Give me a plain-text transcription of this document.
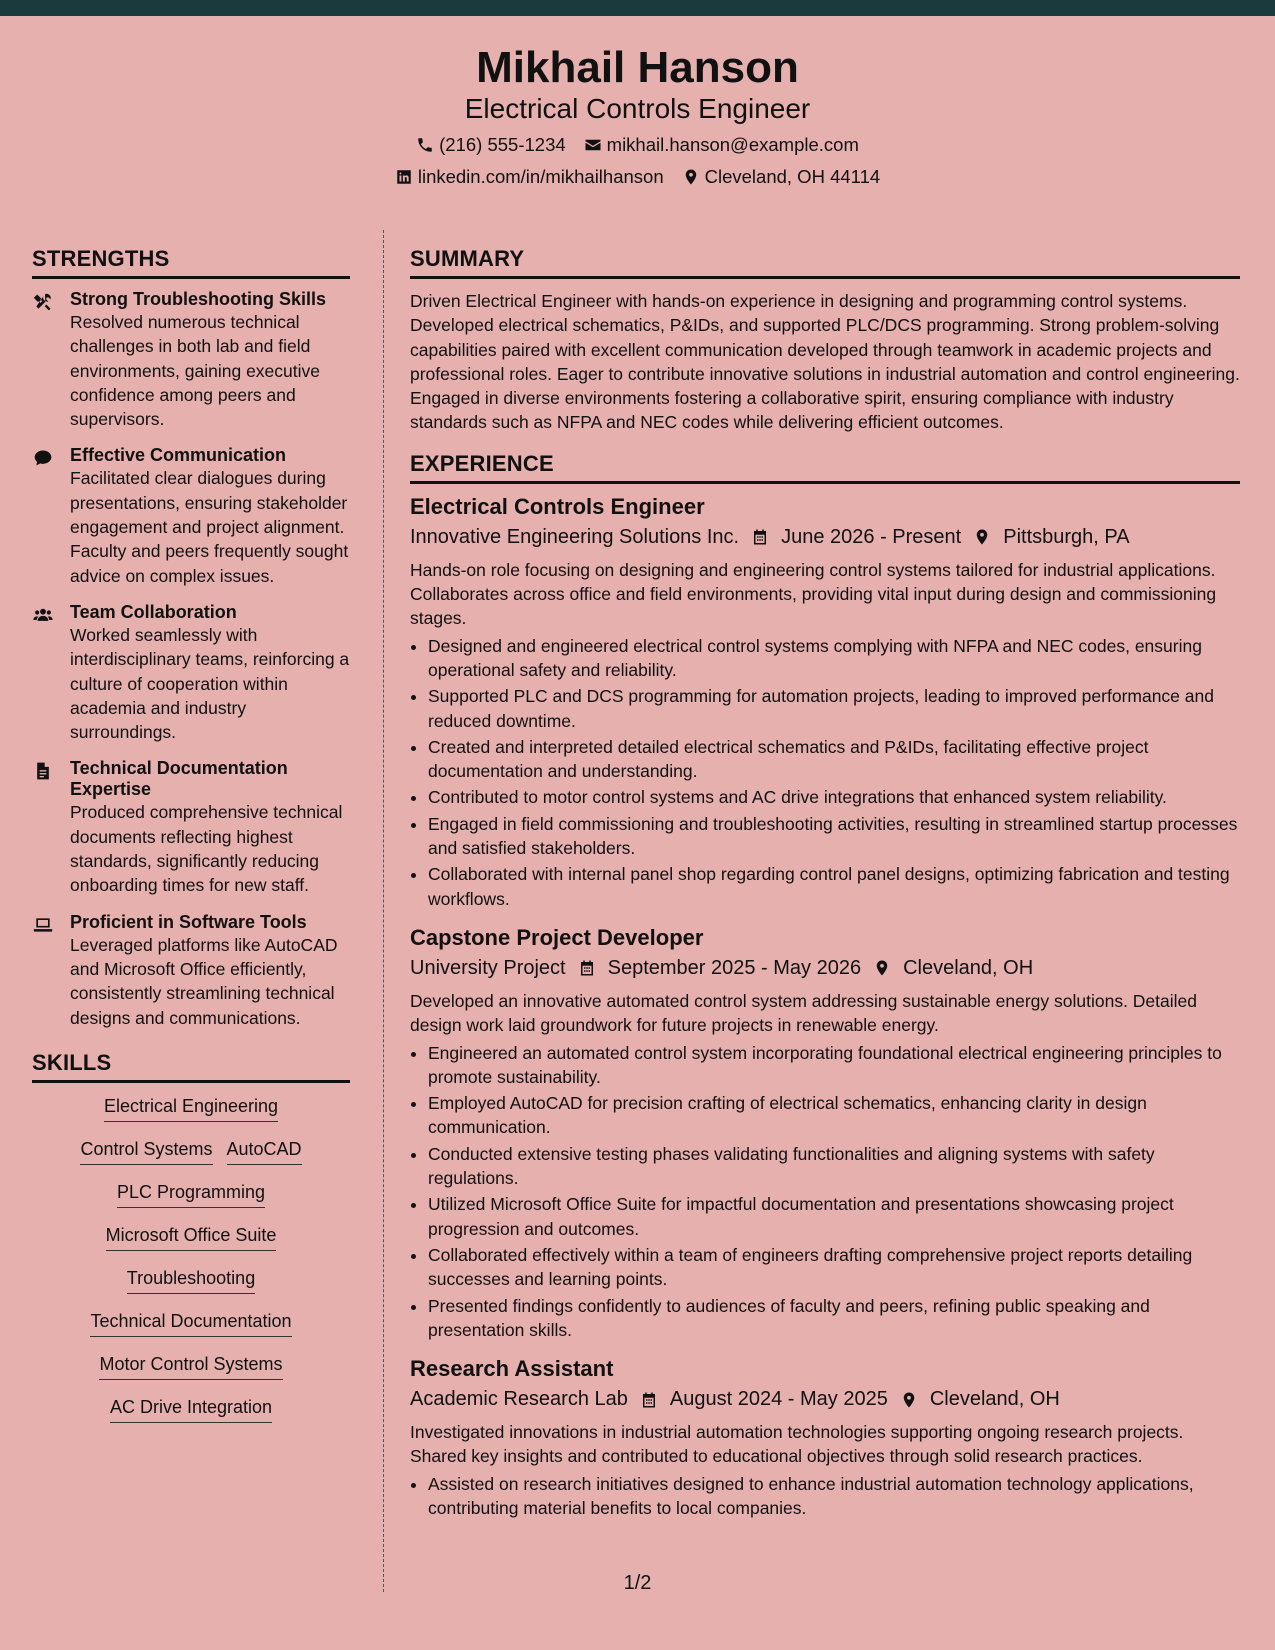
Mikhail Hanson
Electrical Controls Engineer
(216) 555-1234 mikhail.hanson@example.com
linkedin.com/in/mikhailhanson Cleveland, OH 44114
STRENGTHS
Strong Troubleshooting Skills
Resolved numerous technical challenges in both lab and field environments, gaining executive confidence among peers and supervisors.
Effective Communication
Facilitated clear dialogues during presentations, ensuring stakeholder engagement and project alignment. Faculty and peers frequently sought advice on complex issues.
Team Collaboration
Worked seamlessly with interdisciplinary teams, reinforcing a culture of cooperation within academia and industry surroundings.
Technical Documentation Expertise
Produced comprehensive technical documents reflecting highest standards, significantly reducing onboarding times for new staff.
Proficient in Software Tools
Leveraged platforms like AutoCAD and Microsoft Office efficiently, consistently streamlining technical designs and communications.
SKILLS
Electrical Engineering
Control Systems AutoCAD
PLC Programming
Microsoft Office Suite
Troubleshooting
Technical Documentation
Motor Control Systems
AC Drive Integration
SUMMARY

Driven Electrical Engineer with hands-on experience in designing and programming control systems. Developed electrical schematics, P&IDs, and supported PLC/DCS programming. Strong problem-solving capabilities paired with excellent communication developed through teamwork in academic projects and professional roles. Eager to contribute innovative solutions in industrial automation and control engineering. Engaged in diverse environments fostering a collaborative spirit, ensuring compliance with industry standards such as NFPA and NEC codes while delivering efficient outcomes.

EXPERIENCE
Electrical Controls Engineer
Innovative Engineering Solutions Inc. June 2026 - Present Pittsburgh, PA

Hands-on role focusing on designing and engineering control systems tailored for industrial applications. Collaborates across office and field environments, providing vital input during design and commissioning stages.

• Designed and engineered electrical control systems complying with NFPA and NEC codes, ensuring operational safety and reliability.
• Supported PLC and DCS programming for automation projects, leading to improved performance and reduced downtime.
• Created and interpreted detailed electrical schematics and P&IDs, facilitating effective project documentation and understanding.
• Contributed to motor control systems and AC drive integrations that enhanced system reliability.
• Engaged in field commissioning and troubleshooting activities, resulting in streamlined startup processes and satisfied stakeholders.
• Collaborated with internal panel shop regarding control panel designs, optimizing fabrication and testing workflows.
Capstone Project Developer
University Project September 2025 - May 2026 Cleveland, OH

Developed an innovative automated control system addressing sustainable energy solutions. Detailed design work laid groundwork for future projects in renewable energy.

• Engineered an automated control system incorporating foundational electrical engineering principles to promote sustainability.
• Employed AutoCAD for precision crafting of electrical schematics, enhancing clarity in design communication.
• Conducted extensive testing phases validating functionalities and aligning systems with safety regulations.
• Utilized Microsoft Office Suite for impactful documentation and presentations showcasing project progression and outcomes.
• Collaborated effectively within a team of engineers drafting comprehensive project reports detailing successes and learning points.
• Presented findings confidently to audiences of faculty and peers, refining public speaking and presentation skills.
Research Assistant
Academic Research Lab August 2024 - May 2025 Cleveland, OH

Investigated innovations in industrial automation technologies supporting ongoing research projects. Shared key insights and contributed to educational objectives through solid research practices.

• Assisted on research initiatives designed to enhance industrial automation technology applications, contributing material benefits to local companies.
1/2
